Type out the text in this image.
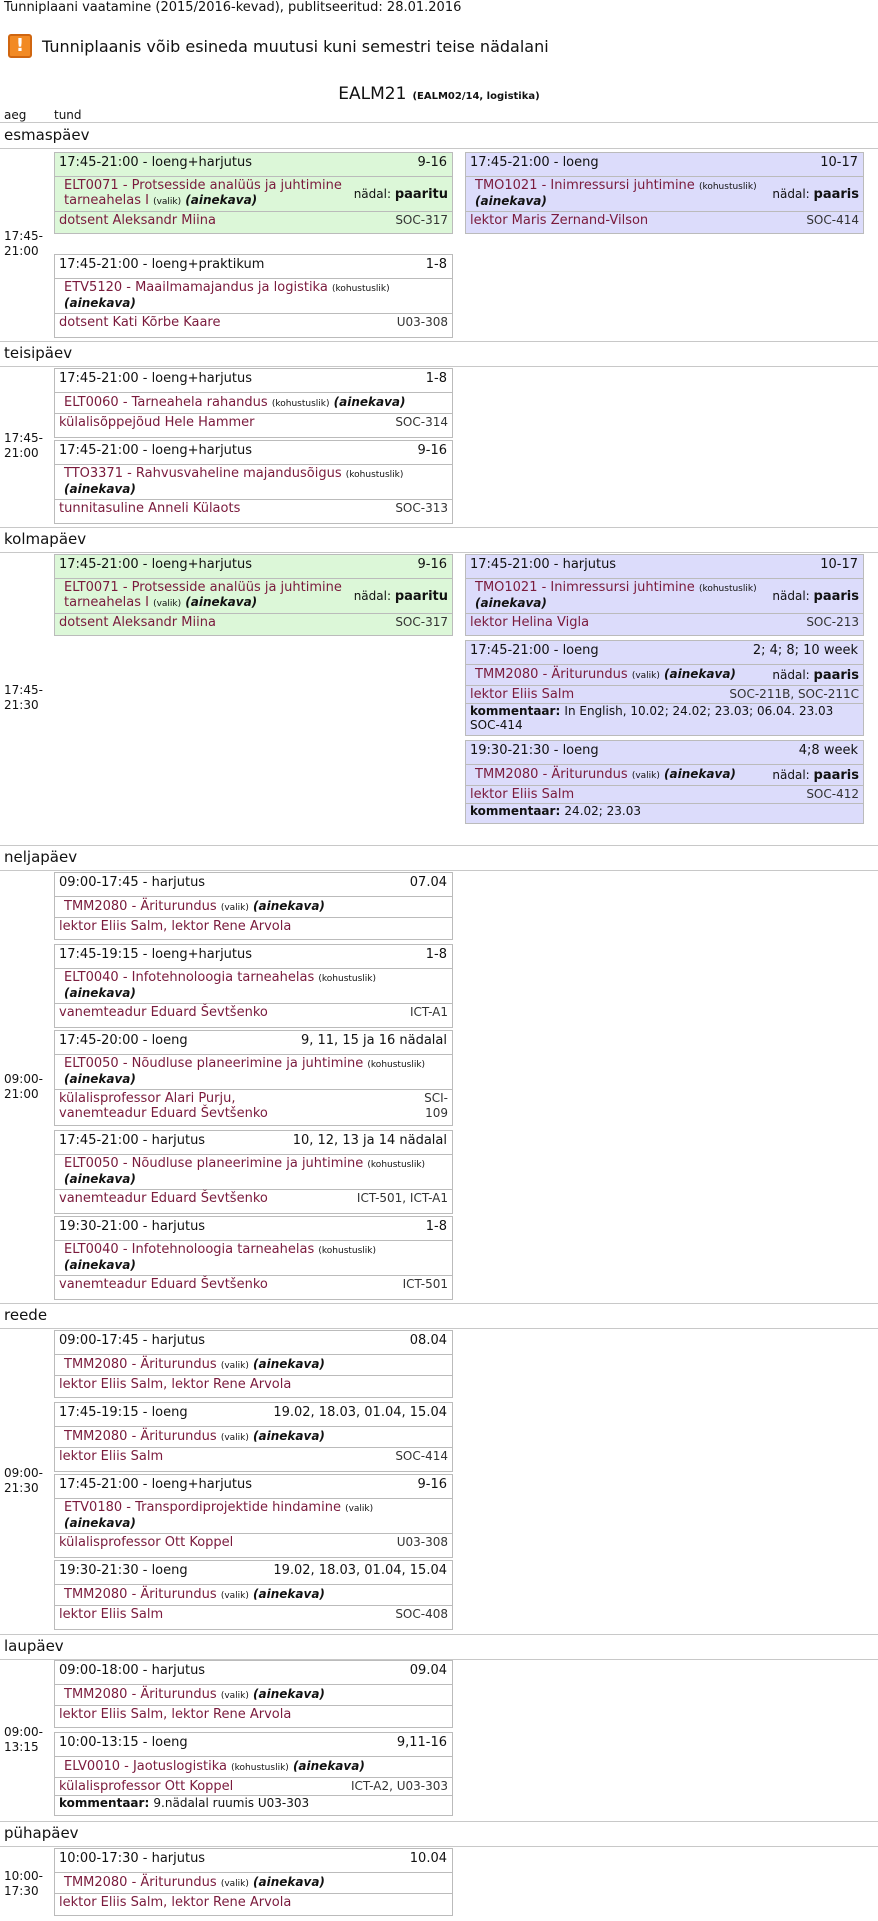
Tunniplaani vaatamine (2015/2016-kevad), publitseeritud: 28.01.2016
!	Tunniplaanis võib esineda muutusi kuni semestri teise nädalani
EALM21 (EALM02/14, logistika)
aeg tund
esmaspäev
17:45-
21:00
17:45-21:00 - loeng+harjutus	9-16
ELT0071 - Protsesside analüüs ja juhtimine tarneahelas I (valik) (ainekava)	nädal: paaritu
dotsent Aleksandr Miina	SOC-317
17:45-21:00 - loeng	10-17
TMO1021 - Inimressursi juhtimine (kohustuslik) (ainekava)
nädal: paaris
lektor Maris Zernand-Vilson	SOC-414
17:45-21:00 - loeng+praktikum	1-8
ETV5120 - Maailmamajandus ja logistika (kohustuslik) (ainekava)
dotsent Kati Kõrbe Kaare	U03-308
teisipäev
17:45-
21:00
17:45-21:00 - loeng+harjutus	1-8
ELT0060 - Tarneahela rahandus (kohustuslik) (ainekava)
külalisõppejõud Hele Hammer	SOC-314
17:45-21:00 - loeng+harjutus	9-16
TTO3371 - Rahvusvaheline majandusõigus (kohustuslik) (ainekava)
tunnitasuline Anneli Külaots	SOC-313
kolmapäev
17:45-
21:30
17:45-21:00 - loeng+harjutus	9-16
ELT0071 - Protsesside analüüs ja juhtimine tarneahelas I (valik) (ainekava)	nädal: paaritu
dotsent Aleksandr Miina	SOC-317
17:45-21:00 - harjutus	10-17
TMO1021 - Inimressursi juhtimine (kohustuslik) (ainekava)
nädal: paaris
lektor Helina Vigla	SOC-213
17:45-21:00 - loeng	2; 4; 8; 10 week
TMM2080 - Äriturundus (valik) (ainekava)	nädal: paaris
lektor Eliis Salm	SOC-211B, SOC-211C
kommentaar: In English, 10.02; 24.02; 23.03; 06.04. 23.03 SOC-414
19:30-21:30 - loeng	4;8 week
TMM2080 - Äriturundus (valik) (ainekava)	nädal: paaris
lektor Eliis Salm	SOC-412
kommentaar: 24.02; 23.03
neljapäev
09:00-
21:00
09:00-17:45 - harjutus	07.04
TMM2080 - Äriturundus (valik) (ainekava)
lektor Eliis Salm, lektor Rene Arvola
17:45-19:15 - loeng+harjutus	1-8
ELT0040 - Infotehnoloogia tarneahelas (kohustuslik) (ainekava)
vanemteadur Eduard Ševtšenko	ICT-A1
17:45-20:00 - loeng	9, 11, 15 ja 16 nädalal
ELT0050 - Nõudluse planeerimine ja juhtimine (kohustuslik) (ainekava)
külalisprofessor Alari Purju,
vanemteadur Eduard Ševtšenko
SCI-
109
17:45-21:00 - harjutus	10, 12, 13 ja 14 nädalal
ELT0050 - Nõudluse planeerimine ja juhtimine (kohustuslik) (ainekava)
vanemteadur Eduard Ševtšenko	ICT-501, ICT-A1
19:30-21:00 - harjutus	1-8
ELT0040 - Infotehnoloogia tarneahelas (kohustuslik) (ainekava)
vanemteadur Eduard Ševtšenko	ICT-501
reede
09:00-
21:30
09:00-17:45 - harjutus	08.04
TMM2080 - Äriturundus (valik) (ainekava)
lektor Eliis Salm, lektor Rene Arvola
17:45-19:15 - loeng	19.02, 18.03, 01.04, 15.04
TMM2080 - Äriturundus (valik) (ainekava)
lektor Eliis Salm	SOC-414
17:45-21:00 - loeng+harjutus	9-16
ETV0180 - Transpordiprojektide hindamine (valik) (ainekava)
külalisprofessor Ott Koppel	U03-308
19:30-21:30 - loeng	19.02, 18.03, 01.04, 15.04
TMM2080 - Äriturundus (valik) (ainekava)
lektor Eliis Salm	SOC-408
laupäev
09:00-
13:15
09:00-18:00 - harjutus	09.04
TMM2080 - Äriturundus (valik) (ainekava)
lektor Eliis Salm, lektor Rene Arvola
10:00-13:15 - loeng	9,11-16
ELV0010 - Jaotuslogistika (kohustuslik) (ainekava)
külalisprofessor Ott Koppel	ICT-A2, U03-303
kommentaar: 9.nädalal ruumis U03-303
pühapäev
10:00-
17:30
10:00-17:30 - harjutus	10.04
TMM2080 - Äriturundus (valik) (ainekava)
lektor Eliis Salm, lektor Rene Arvola
